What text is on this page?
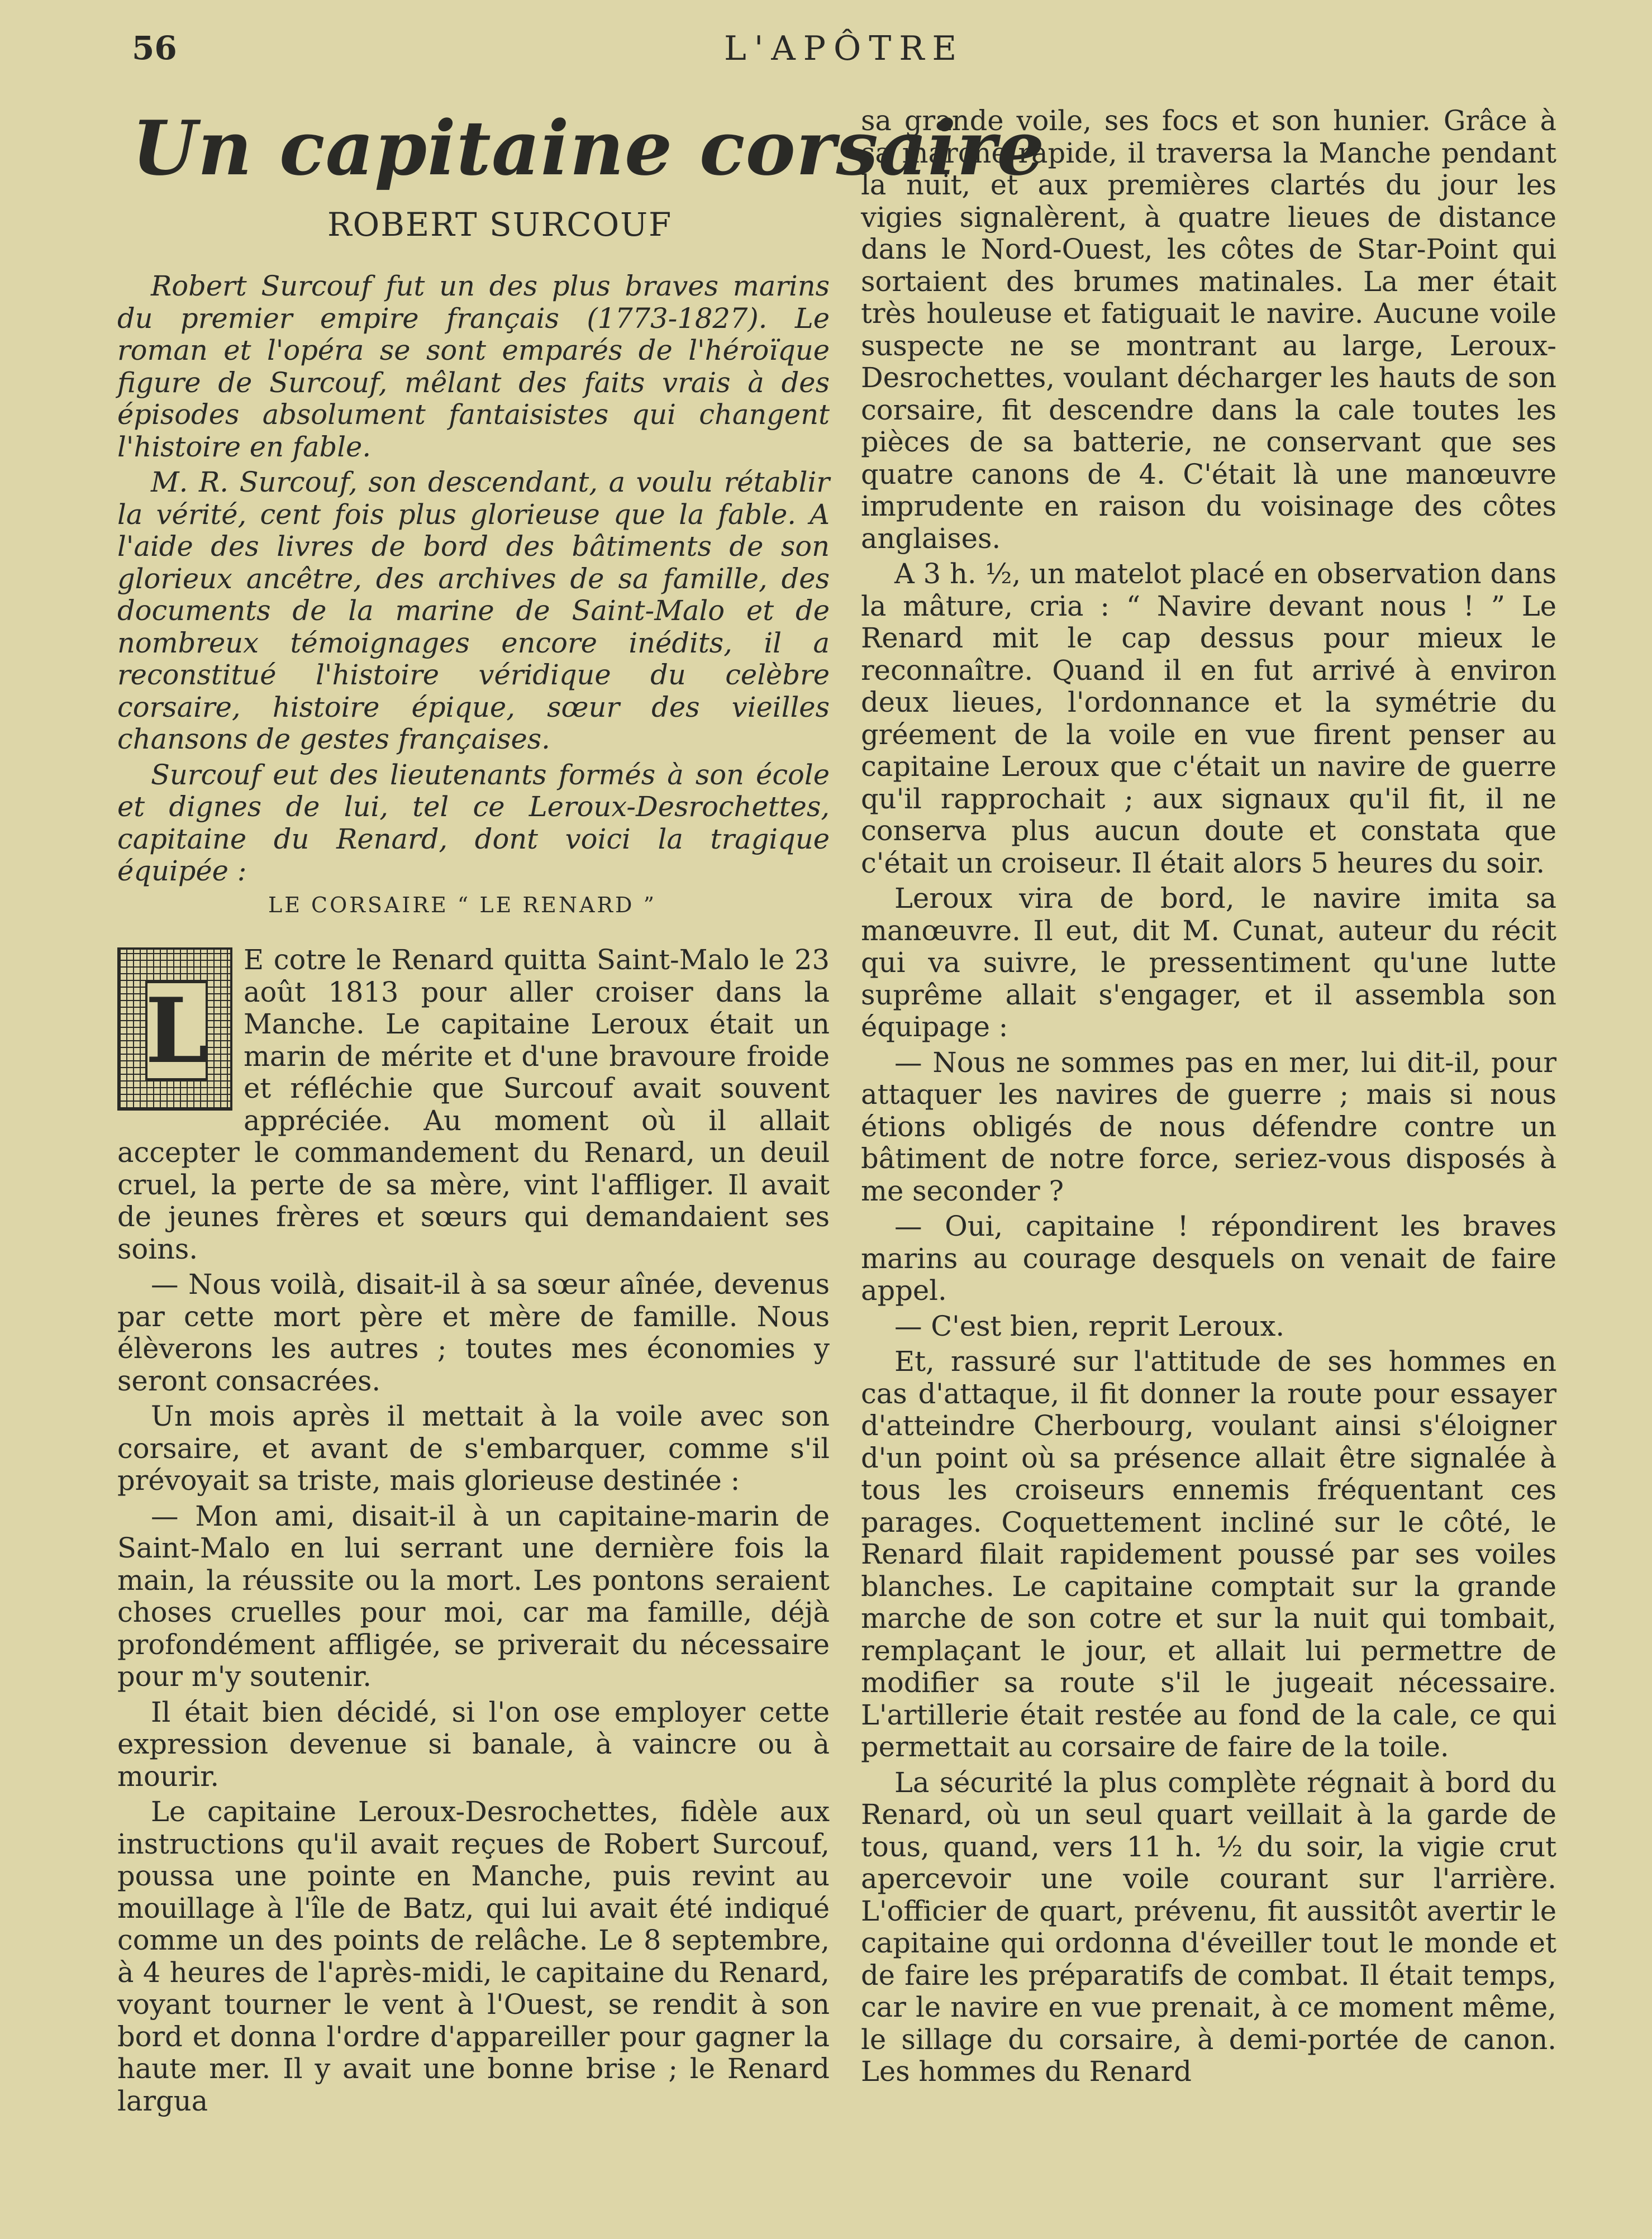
56	L'APÔTRE
Un capitaine corsaire
ROBERT SURCOUF

Robert Surcouf fut un des plus braves marins du premier empire français (1773-1827). Le roman et l'opéra se sont emparés de l'héroïque figure de Surcouf, mêlant des faits vrais à des épisodes absolument fantaisistes qui changent l'histoire en fable.

M. R. Surcouf, son descendant, a voulu rétablir la vérité, cent fois plus glorieuse que la fable. A l'aide des livres de bord des bâtiments de son glorieux ancêtre, des archives de sa famille, des documents de la marine de Saint-Malo et de nombreux témoignages encore inédits, il a reconstitué l'histoire véridique du celèbre corsaire, histoire épique, sœur des vieilles chansons de gestes françaises.

Surcouf eut des lieutenants formés à son école et dignes de lui, tel ce Leroux-Desrochettes, capitaine du Renard, dont voici la tragique équipée :

LE CORSAIRE “ LE RENARD ”
L

E cotre le Renard quitta Saint-Malo le 23 août 1813 pour aller croiser dans la Manche. Le capitaine Leroux était un marin de mérite et d'une bravoure froide et réfléchie que Surcouf avait souvent appréciée. Au moment où il allait accepter le commandement du Renard, un deuil cruel, la perte de sa mère, vint l'affliger. Il avait de jeunes frères et sœurs qui demandaient ses soins.

— Nous voilà, disait-il à sa sœur aînée, devenus par cette mort père et mère de famille. Nous élèverons les autres ; toutes mes économies y seront consacrées.

Un mois après il mettait à la voile avec son corsaire, et avant de s'embarquer, comme s'il prévoyait sa triste, mais glorieuse destinée :

— Mon ami, disait-il à un capitaine-marin de Saint-Malo en lui serrant une dernière fois la main, la réussite ou la mort. Les pontons seraient choses cruelles pour moi, car ma famille, déjà profondément affligée, se priverait du nécessaire pour m'y soutenir.

Il était bien décidé, si l'on ose employer cette expression devenue si banale, à vaincre ou à mourir.

Le capitaine Leroux-Desrochettes, fidèle aux instructions qu'il avait reçues de Robert Surcouf, poussa une pointe en Manche, puis revint au mouillage à l'île de Batz, qui lui avait été indiqué comme un des points de relâche. Le 8 septembre, à 4 heures de l'après-midi, le capitaine du Renard, voyant tourner le vent à l'Ouest, se rendit à son bord et donna l'ordre d'appareiller pour gagner la haute mer. Il y avait une bonne brise ; le Renard largua

sa grande voile, ses focs et son hunier. Grâce à sa marche rapide, il traversa la Manche pendant la nuit, et aux premières clartés du jour les vigies signalèrent, à quatre lieues de distance dans le Nord-Ouest, les côtes de Star-Point qui sortaient des brumes matinales. La mer était très houleuse et fatiguait le navire. Aucune voile suspecte ne se montrant au large, Leroux-Desrochettes, voulant décharger les hauts de son corsaire, fit descendre dans la cale toutes les pièces de sa batterie, ne conservant que ses quatre canons de 4. C'était là une manœuvre imprudente en raison du voisinage des côtes anglaises.

A 3 h. ½, un matelot placé en observation dans la mâture, cria : “ Navire devant nous ! ” Le Renard mit le cap dessus pour mieux le reconnaître. Quand il en fut arrivé à environ deux lieues, l'ordonnance et la symétrie du gréement de la voile en vue firent penser au capitaine Leroux que c'était un navire de guerre qu'il rapprochait ; aux signaux qu'il fit, il ne conserva plus aucun doute et constata que c'était un croiseur. Il était alors 5 heures du soir.

Leroux vira de bord, le navire imita sa manœuvre. Il eut, dit M. Cunat, auteur du récit qui va suivre, le pressentiment qu'une lutte suprême allait s'engager, et il assembla son équipage :

— Nous ne sommes pas en mer, lui dit-il, pour attaquer les navires de guerre ; mais si nous étions obligés de nous défendre contre un bâtiment de notre force, seriez-vous disposés à me seconder ?

— Oui, capitaine ! répondirent les braves marins au courage desquels on venait de faire appel.

— C'est bien, reprit Leroux.

Et, rassuré sur l'attitude de ses hommes en cas d'attaque, il fit donner la route pour essayer d'atteindre Cherbourg, voulant ainsi s'éloigner d'un point où sa présence allait être signalée à tous les croiseurs ennemis fréquentant ces parages. Coquettement incliné sur le côté, le Renard filait rapidement poussé par ses voiles blanches. Le capitaine comptait sur la grande marche de son cotre et sur la nuit qui tombait, remplaçant le jour, et allait lui permettre de modifier sa route s'il le jugeait nécessaire. L'artillerie était restée au fond de la cale, ce qui permettait au corsaire de faire de la toile.

La sécurité la plus complète régnait à bord du Renard, où un seul quart veillait à la garde de tous, quand, vers 11 h. ½ du soir, la vigie crut apercevoir une voile courant sur l'arrière. L'officier de quart, prévenu, fit aussitôt avertir le capitaine qui ordonna d'éveiller tout le monde et de faire les préparatifs de combat. Il était temps, car le navire en vue prenait, à ce moment même, le sillage du corsaire, à demi-portée de canon. Les hommes du Renard
